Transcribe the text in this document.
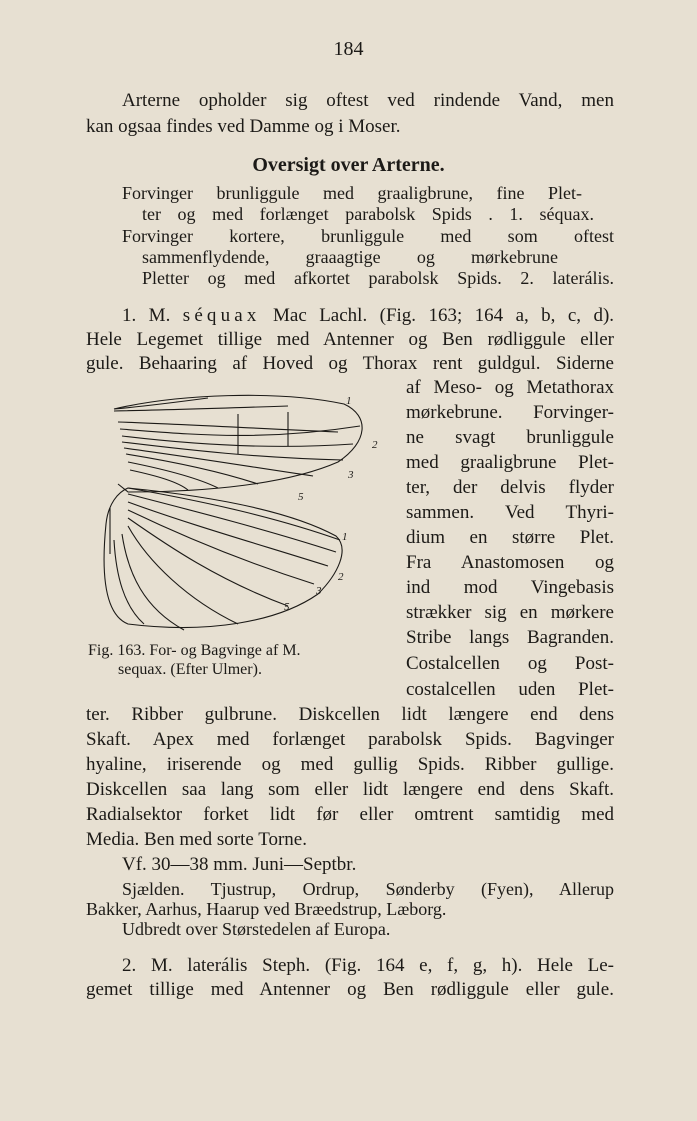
184
Arterne opholder sig oftest ved rindende Vand, men
kan ogsaa findes ved Damme og i Moser.
Oversigt over Arterne.
Forvinger brunliggule med graaligbrune, fine Plet-
ter og med forlænget parabolsk Spids . 1. séquax.
Forvinger kortere, brunliggule med som oftest
sammenflydende, graaagtige og mørkebrune
Pletter og med afkortet parabolsk Spids. 2. laterális.
1. M. séquax Mac Lachl. (Fig. 163; 164 a, b, c, d).
Hele Legemet tillige med Antenner og Ben rødliggule eller
gule. Behaaring af Hoved og Thorax rent guldgul. Siderne
af Meso- og Metathorax
mørkebrune. Forvinger-
ne svagt brunliggule
med graaligbrune Plet-
ter, der delvis flyder
sammen. Ved Thyri-
dium en større Plet.
Fra Anastomosen og
ind mod Vingebasis
strækker sig en mørkere
Stribe langs Bagranden.
Costalcellen og Post-
costalcellen uden Plet-
1
2
3
5
1
2
3
5
Fig. 163. For- og Bagvinge af M.
sequax. (Efter Ulmer).
ter. Ribber gulbrune. Diskcellen lidt længere end dens
Skaft. Apex med forlænget parabolsk Spids. Bagvinger
hyaline, iriserende og med gullig Spids. Ribber gullige.
Diskcellen saa lang som eller lidt længere end dens Skaft.
Radialsektor forket lidt før eller omtrent samtidig med
Media. Ben med sorte Torne.
Vf. 30—38 mm. Juni—Septbr.
Sjælden. Tjustrup, Ordrup, Sønderby (Fyen), Allerup
Bakker, Aarhus, Haarup ved Bræedstrup, Læborg.
Udbredt over Størstedelen af Europa.
2. M. laterális Steph. (Fig. 164 e, f, g, h). Hele Le-
gemet tillige med Antenner og Ben rødliggule eller gule.
